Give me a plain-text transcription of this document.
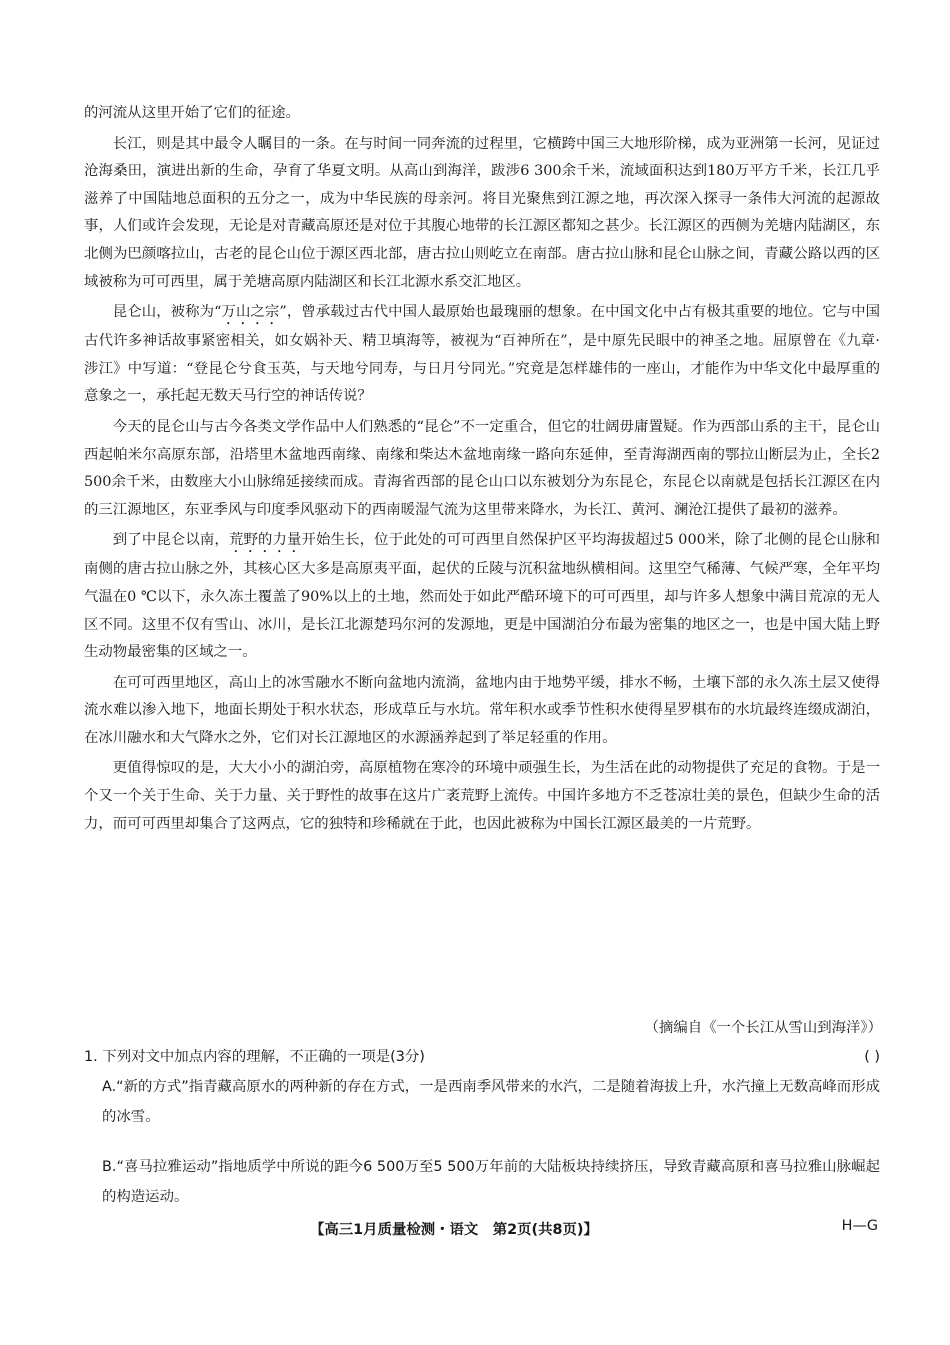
的河流从这里开始了它们的征途。

长江，则是其中最令人瞩目的一条。在与时间一同奔流的过程里，它横跨中国三大地形阶梯，成为亚洲第一长河，见证过沧海桑田，演进出新的生命，孕育了华夏文明。从高山到海洋，跋涉6 300余千米，流域面积达到180万平方千米，长江几乎滋养了中国陆地总面积的五分之一，成为中华民族的母亲河。将目光聚焦到江源之地，再次深入探寻一条伟大河流的起源故事，人们或许会发现，无论是对青藏高原还是对位于其腹心地带的长江源区都知之甚少。长江源区的西侧为羌塘内陆湖区，东北侧为巴颜喀拉山，古老的昆仑山位于源区西北部，唐古拉山则屹立在南部。唐古拉山脉和昆仑山脉之间，青藏公路以西的区域被称为可可西里，属于羌塘高原内陆湖区和长江北源水系交汇地区。

昆仑山，被称为“万山之宗”，曾承载过古代中国人最原始也最瑰丽的想象。在中国文化中占有极其重要的地位。它与中国古代许多神话故事紧密相关，如女娲补天、精卫填海等，被视为“百神所在”，是中原先民眼中的神圣之地。屈原曾在《九章·涉江》中写道：“登昆仑兮食玉英，与天地兮同寿，与日月兮同光。”究竟是怎样雄伟的一座山，才能作为中华文化中最厚重的意象之一，承托起无数天马行空的神话传说？

今天的昆仑山与古今各类文学作品中人们熟悉的“昆仑”不一定重合，但它的壮阔毋庸置疑。作为西部山系的主干，昆仑山西起帕米尔高原东部，沿塔里木盆地西南缘、南缘和柴达木盆地南缘一路向东延伸，至青海湖西南的鄂拉山断层为止，全长2 500余千米，由数座大小山脉绵延接续而成。青海省西部的昆仑山口以东被划分为东昆仑，东昆仑以南就是包括长江源区在内的三江源地区，东亚季风与印度季风驱动下的西南暖湿气流为这里带来降水，为长江、黄河、澜沧江提供了最初的滋养。

到了中昆仑以南，荒野的力量开始生长，位于此处的可可西里自然保护区平均海拔超过5 000米，除了北侧的昆仑山脉和南侧的唐古拉山脉之外，其核心区大多是高原夷平面，起伏的丘陵与沉积盆地纵横相间。这里空气稀薄、气候严寒，全年平均气温在0 ℃以下，永久冻土覆盖了90%以上的土地，然而处于如此严酷环境下的可可西里，却与许多人想象中满目荒凉的无人区不同。这里不仅有雪山、冰川，是长江北源楚玛尔河的发源地，更是中国湖泊分布最为密集的地区之一，也是中国大陆上野生动物最密集的区域之一。

在可可西里地区，高山上的冰雪融水不断向盆地内流淌，盆地内由于地势平缓，排水不畅，土壤下部的永久冻土层又使得流水难以渗入地下，地面长期处于积水状态，形成草丘与水坑。常年积水或季节性积水使得星罗棋布的水坑最终连缀成湖泊，在冰川融水和大气降水之外，它们对长江源地区的水源涵养起到了举足轻重的作用。

更值得惊叹的是，大大小小的湖泊旁，高原植物在寒冷的环境中顽强生长，为生活在此的动物提供了充足的食物。于是一个又一个关于生命、关于力量、关于野性的故事在这片广袤荒野上流传。中国许多地方不乏苍凉壮美的景色，但缺少生命的活力，而可可西里却集合了这两点，它的独特和珍稀就在于此，也因此被称为中国长江源区最美的一片荒野。

（摘编自《一个长江从雪山到海洋》）
1. 下列对文中加点内容的理解，不正确的一项是(3分)	( )
A.“新的方式”指青藏高原水的两种新的存在方式，一是西南季风带来的水汽，二是随着海拔上升，水汽撞上无数高峰而形成的冰雪。
B.“喜马拉雅运动”指地质学中所说的距今6 500万至5 500万年前的大陆板块持续挤压，导致青藏高原和喜马拉雅山脉崛起的构造运动。
【高三1月质量检测・语文　第2页(共8页)】	H—G
